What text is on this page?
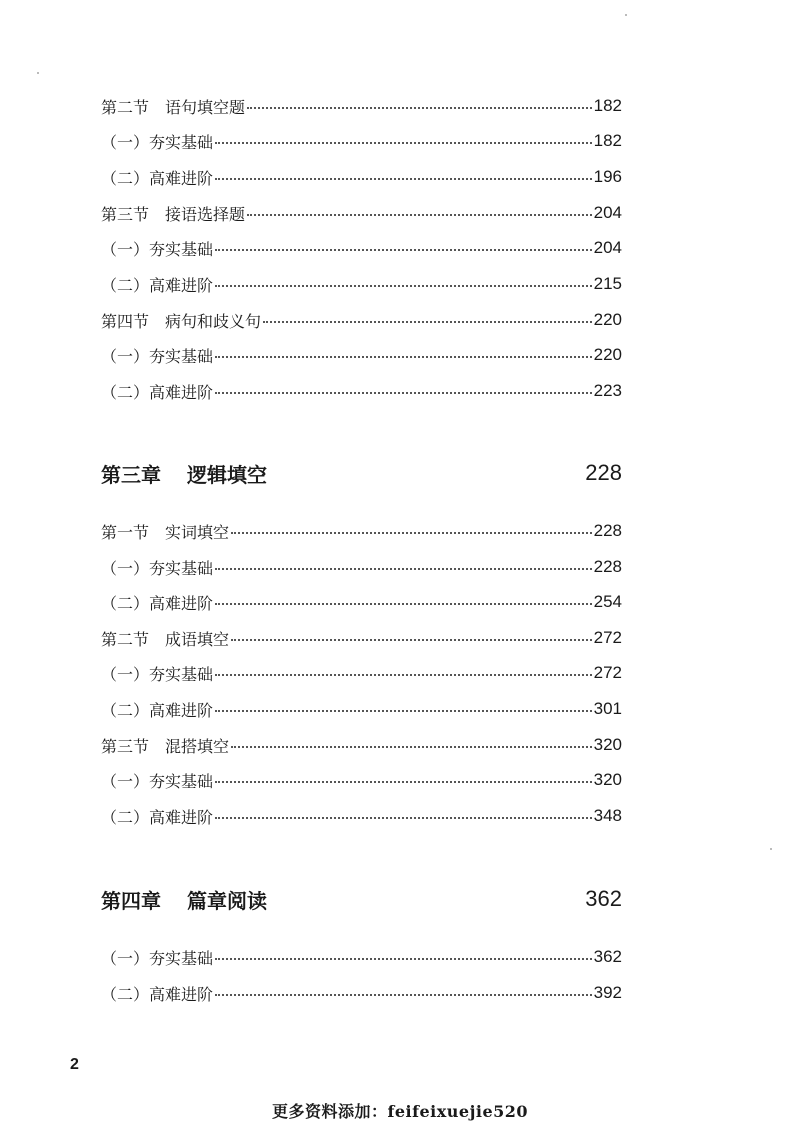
第二节　语句填空题	182
（一）夯实基础	182
（二）高难进阶	196
第三节　接语选择题	204
（一）夯实基础	204
（二）高难进阶	215
第四节　病句和歧义句	220
（一）夯实基础	220
（二）高难进阶	223
第三章 逻辑填空	228
第一节　实词填空	228
（一）夯实基础	228
（二）高难进阶	254
第二节　成语填空	272
（一）夯实基础	272
（二）高难进阶	301
第三节　混搭填空	320
（一）夯实基础	320
（二）高难进阶	348
第四章 篇章阅读	362
（一）夯实基础	362
（二）高难进阶	392
2
更多资料添加：feifeixuejie520
